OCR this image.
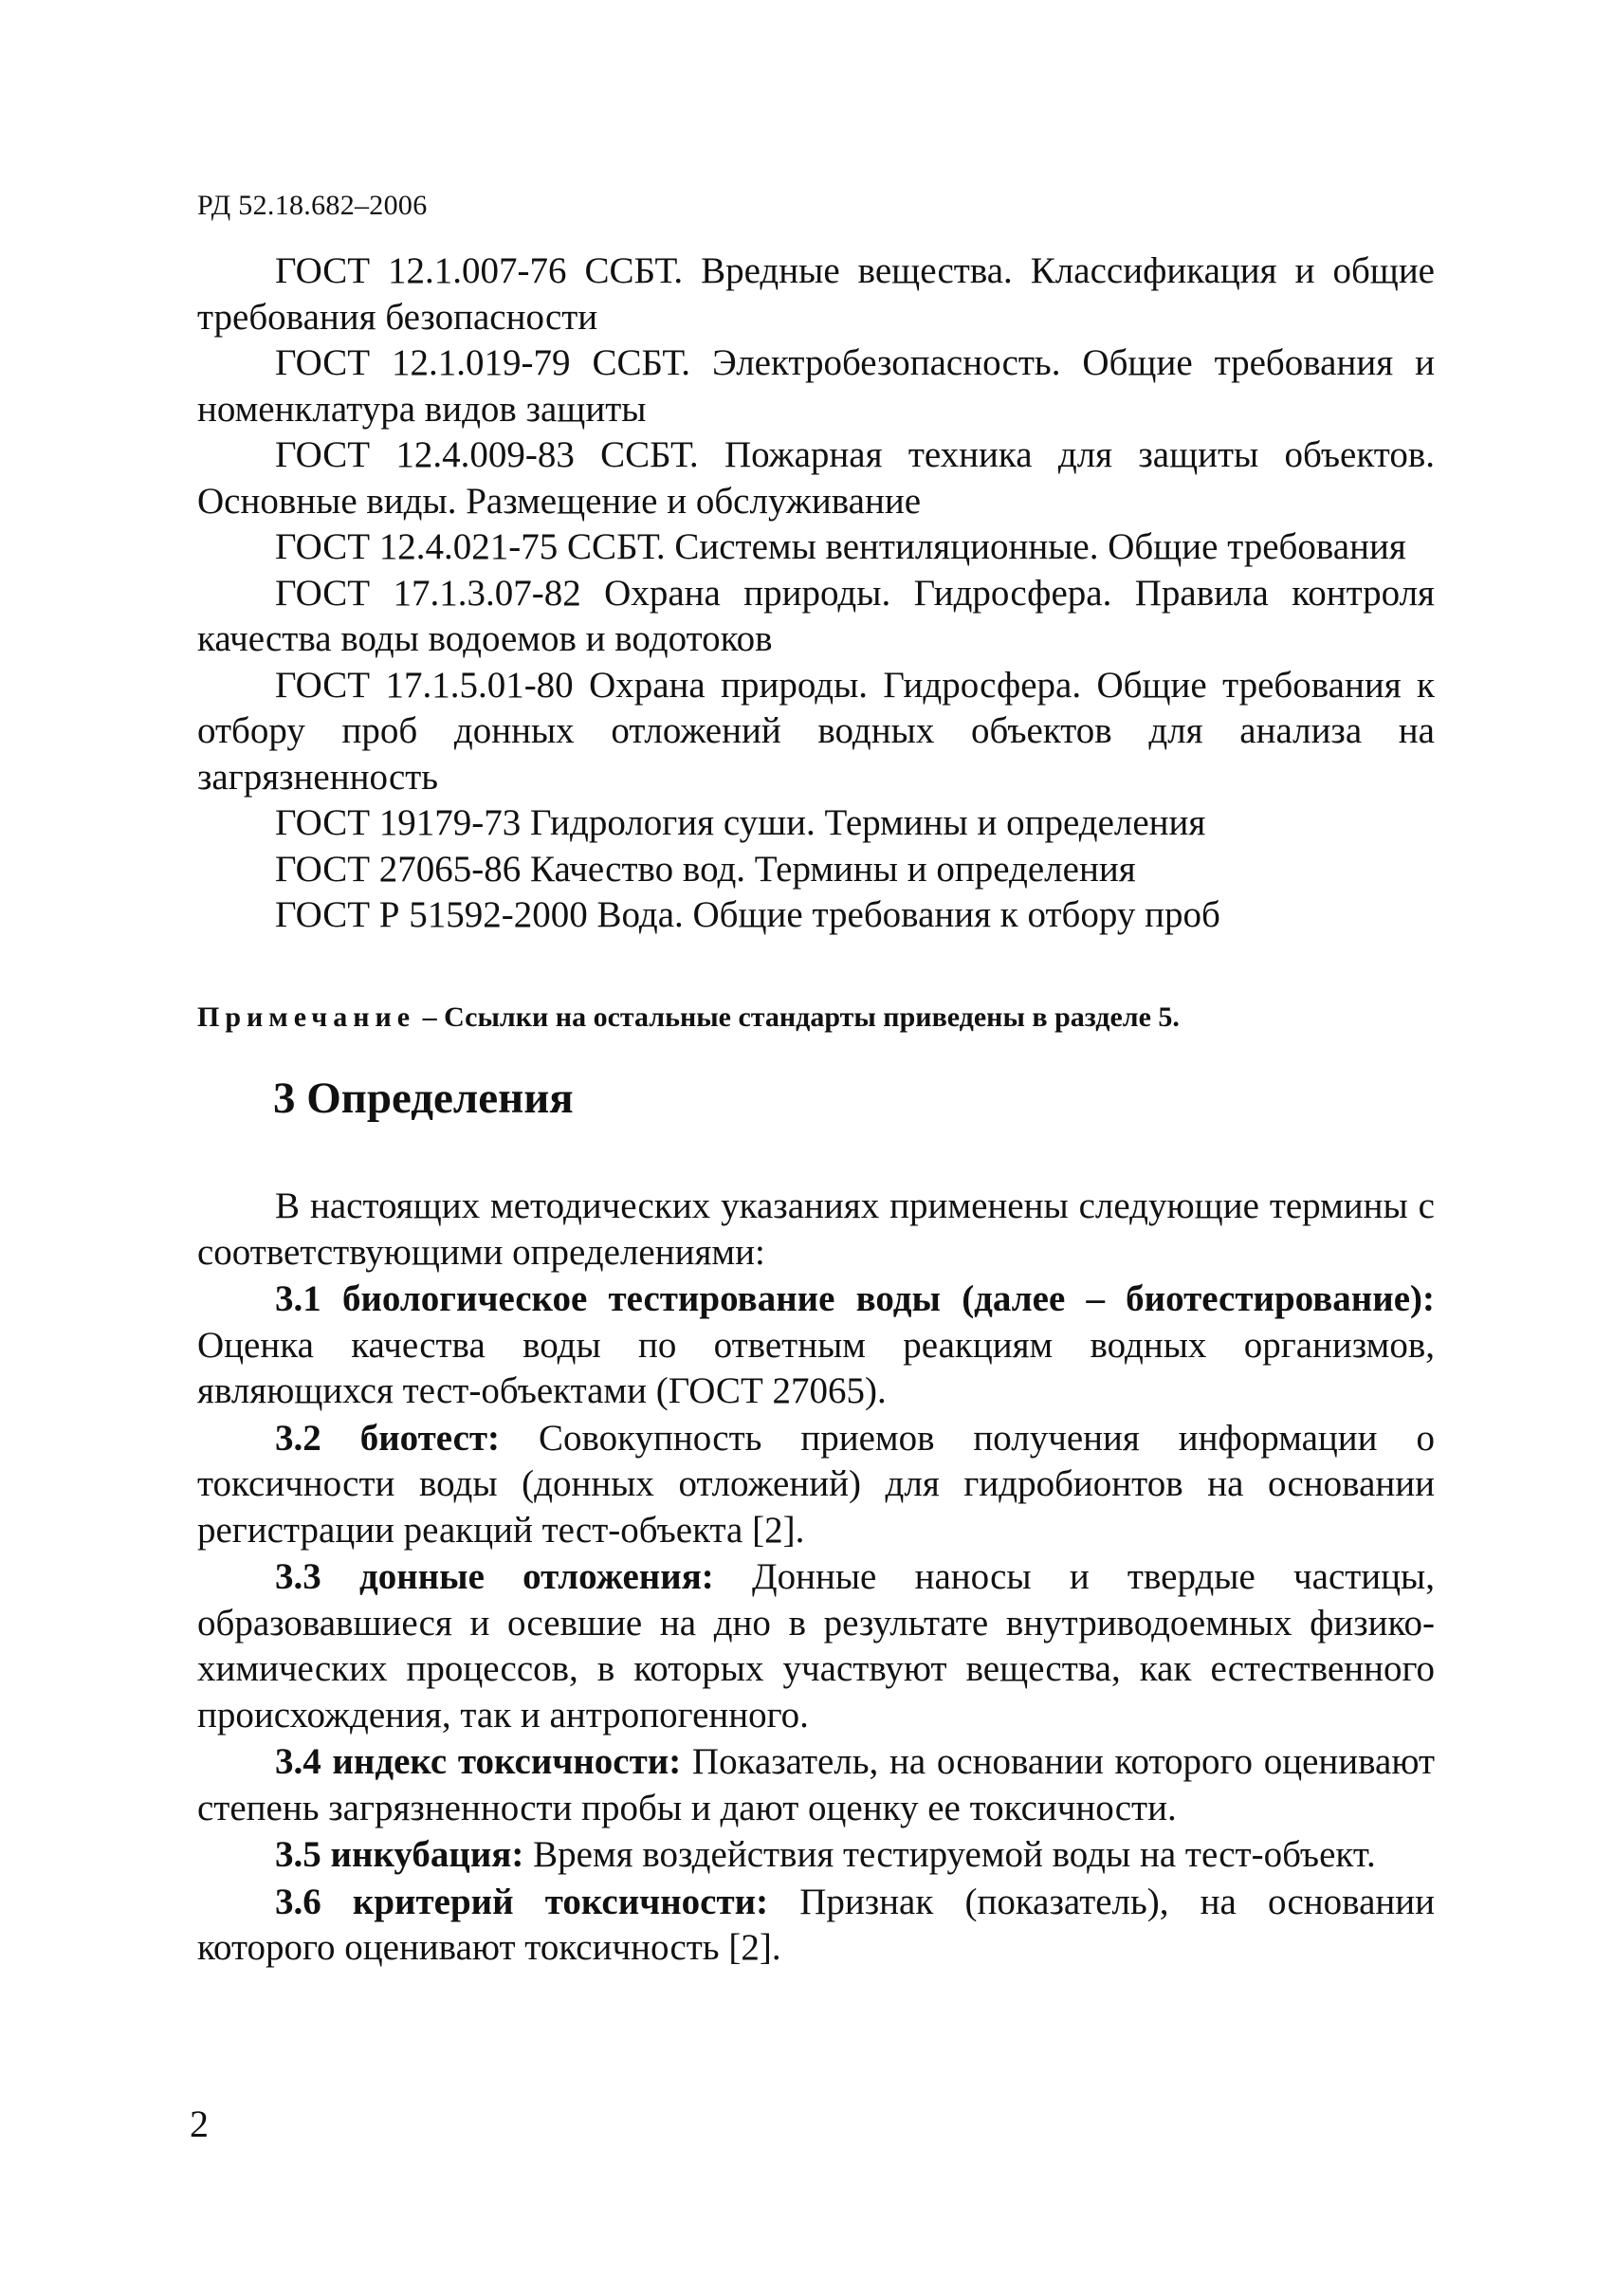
РД 52.18.682–2006

ГОСТ 12.1.007-76 ССБТ. Вредные вещества. Классификация и общие требования безопасности

ГОСТ 12.1.019-79 ССБТ. Электробезопасность. Общие требования и номенклатура видов защиты

ГОСТ 12.4.009-83 ССБТ. Пожарная техника для защиты объектов. Основные виды. Размещение и обслуживание

ГОСТ 12.4.021-75 ССБТ. Системы вентиляционные. Общие требования

ГОСТ 17.1.3.07-82 Охрана природы. Гидросфера. Правила контроля качества воды водоемов и водотоков

ГОСТ 17.1.5.01-80 Охрана природы. Гидросфера. Общие требования к отбору проб донных отложений водных объектов для анализа на загрязненность

ГОСТ 19179-73 Гидрология суши. Термины и определения

ГОСТ 27065-86 Качество вод. Термины и определения

ГОСТ Р 51592-2000 Вода. Общие требования к отбору проб

Примечание – Ссылки на остальные стандарты приведены в разделе 5.
3 Определения

В настоящих методических указаниях применены следующие термины с соответствующими определениями:

3.1 биологическое тестирование воды (далее – биотестирование): Оценка качества воды по ответным реакциям водных организмов, являющихся тест-объектами (ГОСТ 27065).

3.2 биотест: Совокупность приемов получения информации о токсичности воды (донных отложений) для гидробионтов на основании регистрации реакций тест-объекта [2].

3.3 донные отложения: Донные наносы и твердые частицы, образовавшиеся и осевшие на дно в результате внутриводоемных физико-химических процессов, в которых участвуют вещества, как естественного происхождения, так и антропогенного.

3.4 индекс токсичности: Показатель, на основании которого оценивают степень загрязненности пробы и дают оценку ее токсичности.

3.5 инкубация: Время воздействия тестируемой воды на тест-объект.

3.6 критерий токсичности: Признак (показатель), на основании которого оценивают токсичность [2].

2
